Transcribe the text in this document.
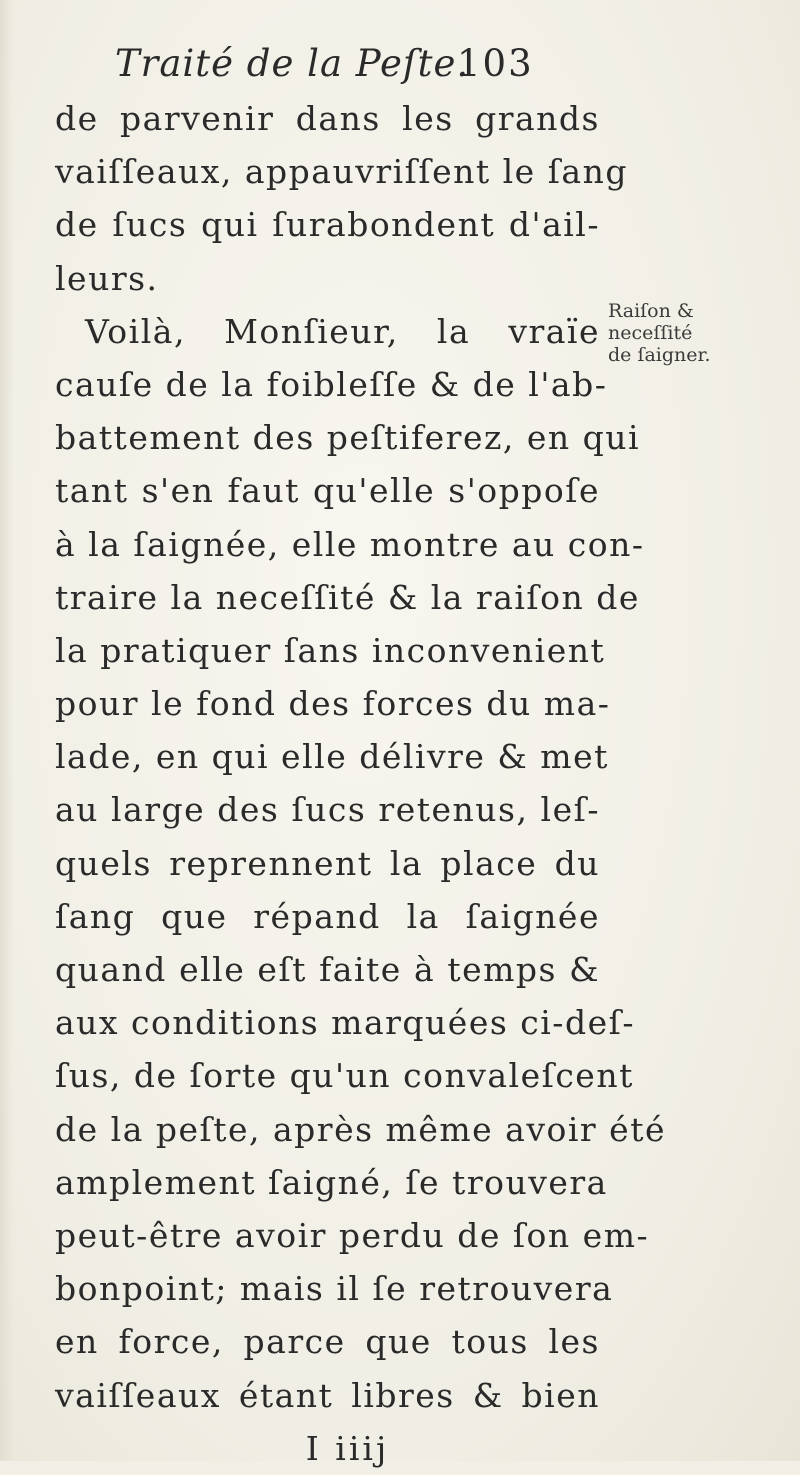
Traité de la Peſte.
103
de parvenir dans les grands
vaiſſeaux, appauvriſſent le ſang
de ſucs qui ſurabondent d'ail-
leurs.
Voilà, Monſieur, la vraïe
cauſe de la foibleſſe & de l'ab-
battement des peſtiferez, en qui
tant s'en faut qu'elle s'oppoſe
à la ſaignée, elle montre au con-
traire la neceſſité & la raiſon de
la pratiquer ſans inconvenient
pour le fond des forces du ma-
lade, en qui elle délivre & met
au large des ſucs retenus, leſ-
quels reprennent la place du
ſang que répand la ſaignée
quand elle eſt faite à temps &
aux conditions marquées ci-deſ-
ſus, de ſorte qu'un convaleſcent
de la peſte, après même avoir été
amplement ſaigné, ſe trouvera
peut-être avoir perdu de ſon em-
bonpoint; mais il ſe retrouvera
en force, parce que tous les
vaiſſeaux étant libres & bien
I iiij
Raiſon &
neceſſité
de ſaigner.
